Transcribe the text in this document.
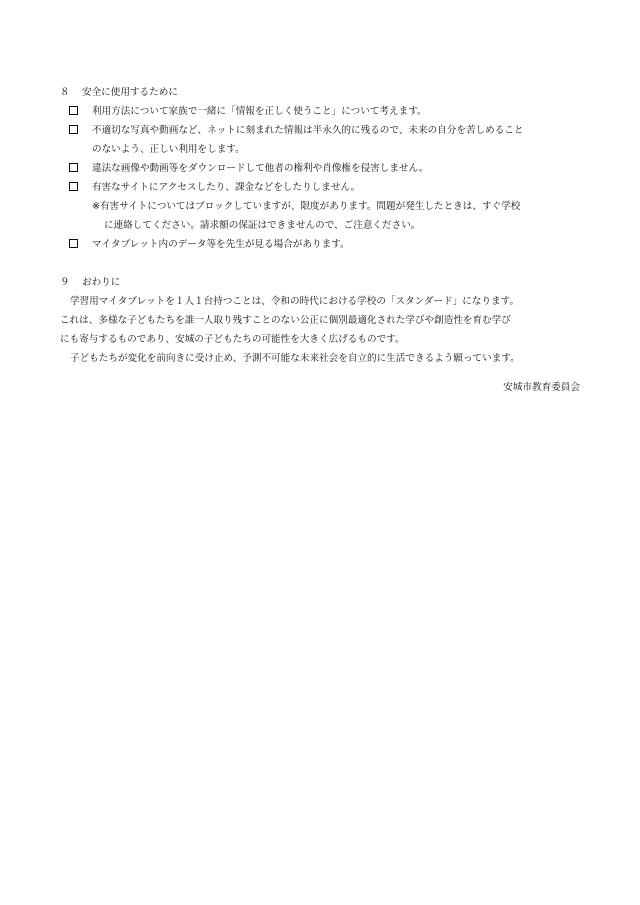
８ 安全に使用するために
利用方法について家族で一緒に「情報を正しく使うこと」について考えます。
不適切な写真や動画など、ネットに刻まれた情報は半永久的に残るので、未来の自分を苦しめること
のないよう、正しい利用をします。
違法な画像や動画等をダウンロードして他者の権利や肖像権を侵害しません。
有害なサイトにアクセスしたり、課金などをしたりしません。
※有害サイトについてはブロックしていますが、限度があります。問題が発生したときは、すぐ学校
に連絡してください。請求額の保証はできませんので、ご注意ください。
マイタブレット内のデータ等を先生が見る場合があります。
９ おわりに
学習用マイタブレットを１人１台持つことは、令和の時代における学校の「スタンダード」になります。
これは、多様な子どもたちを誰一人取り残すことのない公正に個別最適化された学びや創造性を育む学び
にも寄与するものであり、安城の子どもたちの可能性を大きく広げるものです。
子どもたちが変化を前向きに受け止め、予測不可能な未来社会を自立的に生活できるよう願っています。
安城市教育委員会
